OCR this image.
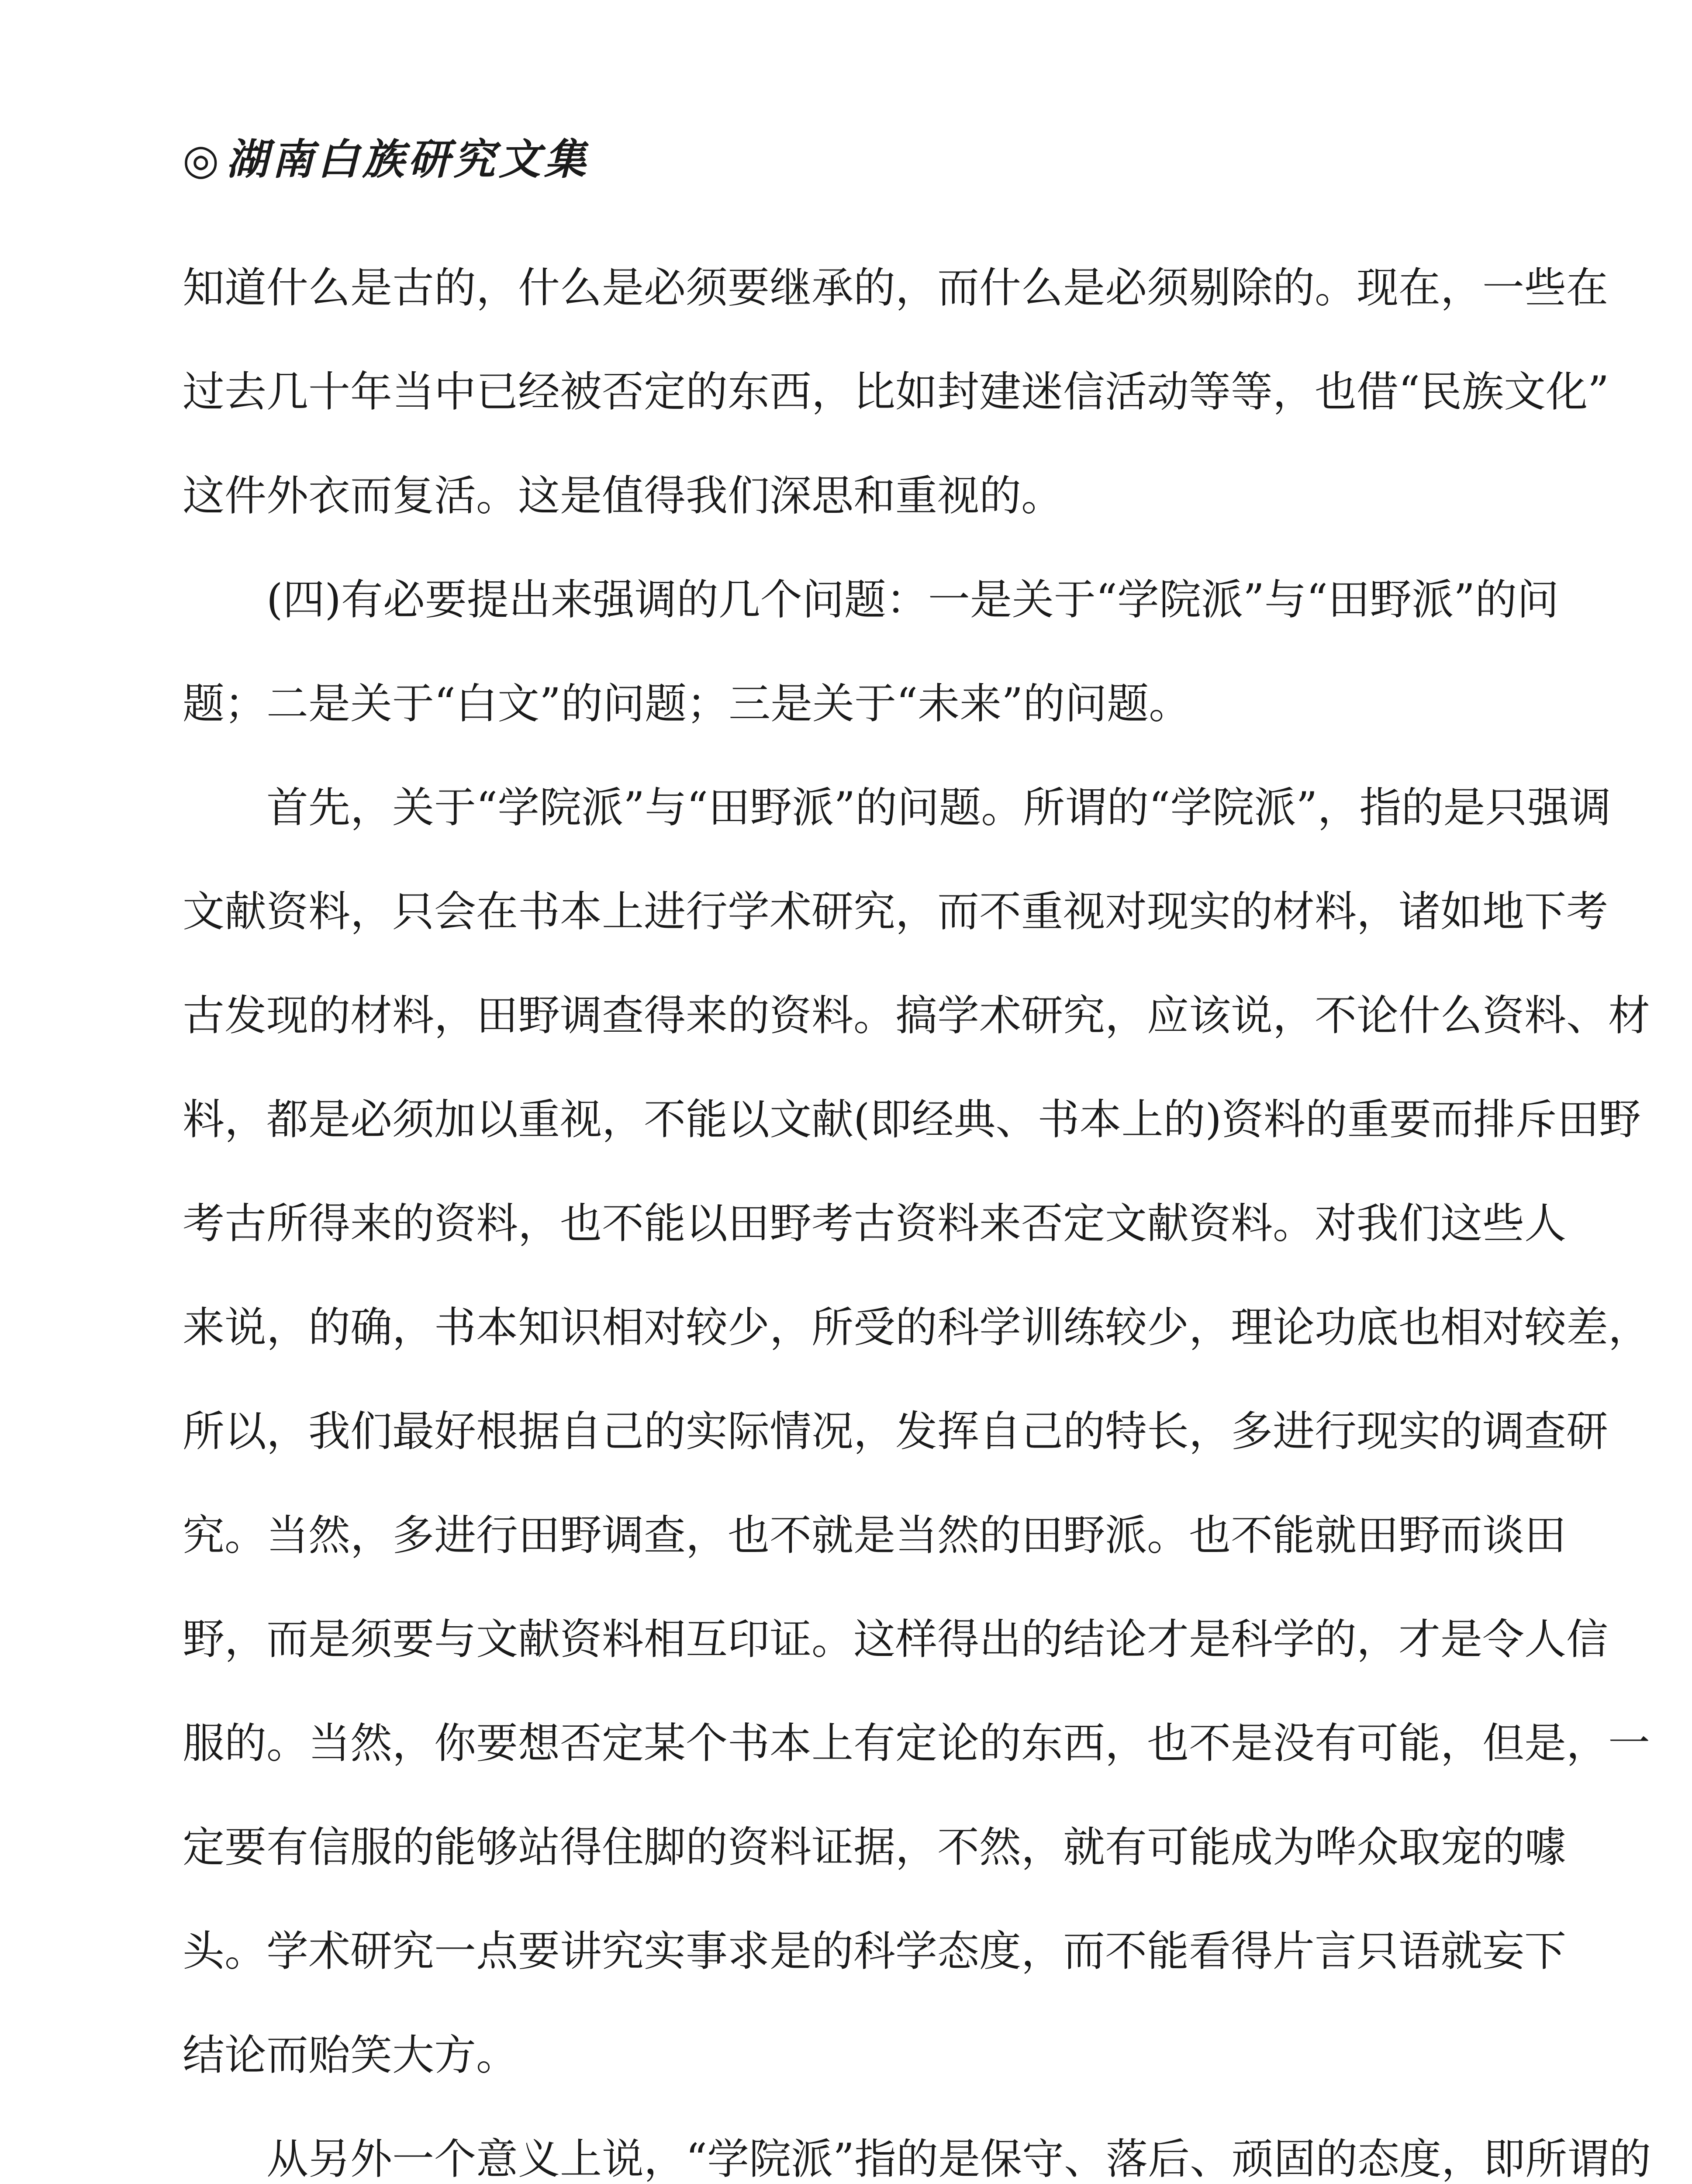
◎ 湖南白族研究文集
知道什么是古的，什么是必须要继承的，而什么是必须剔除的。现在，一些在
过去几十年当中已经被否定的东西，比如封建迷信活动等等，也借“民族文化”
这件外衣而复活。这是值得我们深思和重视的。
(四)有必要提出来强调的几个问题：一是关于“学院派”与“田野派”的问
题；二是关于“白文”的问题；三是关于“未来”的问题。
首先，关于“学院派”与“田野派”的问题。所谓的“学院派”，指的是只强调
文献资料，只会在书本上进行学术研究，而不重视对现实的材料，诸如地下考
古发现的材料，田野调查得来的资料。搞学术研究，应该说，不论什么资料、材
料，都是必须加以重视，不能以文献(即经典、书本上的)资料的重要而排斥田野
考古所得来的资料，也不能以田野考古资料来否定文献资料。对我们这些人
来说，的确，书本知识相对较少，所受的科学训练较少，理论功底也相对较差，
所以，我们最好根据自己的实际情况，发挥自己的特长，多进行现实的调查研
究。当然，多进行田野调查，也不就是当然的田野派。也不能就田野而谈田
野，而是须要与文献资料相互印证。这样得出的结论才是科学的，才是令人信
服的。当然，你要想否定某个书本上有定论的东西，也不是没有可能，但是，一
定要有信服的能够站得住脚的资料证据，不然，就有可能成为哗众取宠的噱
头。学术研究一点要讲究实事求是的科学态度，而不能看得片言只语就妄下
结论而贻笑大方。
从另外一个意义上说，“学院派”指的是保守、落后、顽固的态度，即所谓的
